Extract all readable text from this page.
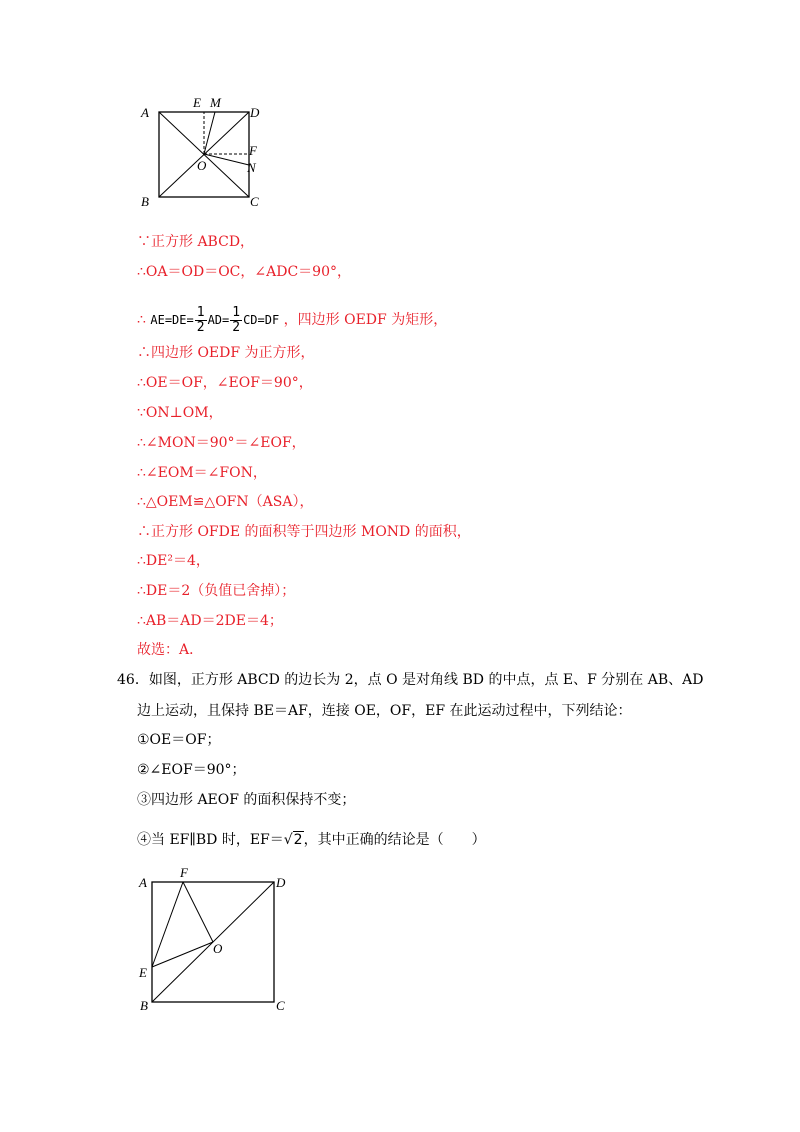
A
B	C
D
E M
F
N
O
∵正方形 ABCD，
∴OA＝OD＝OC，∠ADC＝90°，
∴ $AE=DE= \frac{1}{2} AD= \frac{1}{2} CD=DF$ ，四边形 OEDF 为矩形，
∴四边形 OEDF 为正方形，
∴OE＝OF，∠EOF＝90°，
∵ON⊥OM，
∴∠MON＝90°＝∠EOF，
∴∠EOM＝∠FON，
∴△OEM≌△OFN（ASA），
∴正方形 OFDE 的面积等于四边形 MOND 的面积，
∴DE²＝4，
∴DE＝2（负值已舍掉）；
∴AB＝AD＝2DE＝4；
故选：A．
46．如图，正方形 ABCD 的边长为 2，点 O 是对角线 BD 的中点，点 E、F 分别在 AB、AD
边上运动，且保持 BE＝AF，连接 OE，OF，EF 在此运动过程中，下列结论：
①OE＝OF；
②∠EOF＝90°；
③四边形 AEOF 的面积保持不变；
④当 EF∥BD 时，EF＝√2，其中正确的结论是（　　）
A
F
D
O
E
B	C
